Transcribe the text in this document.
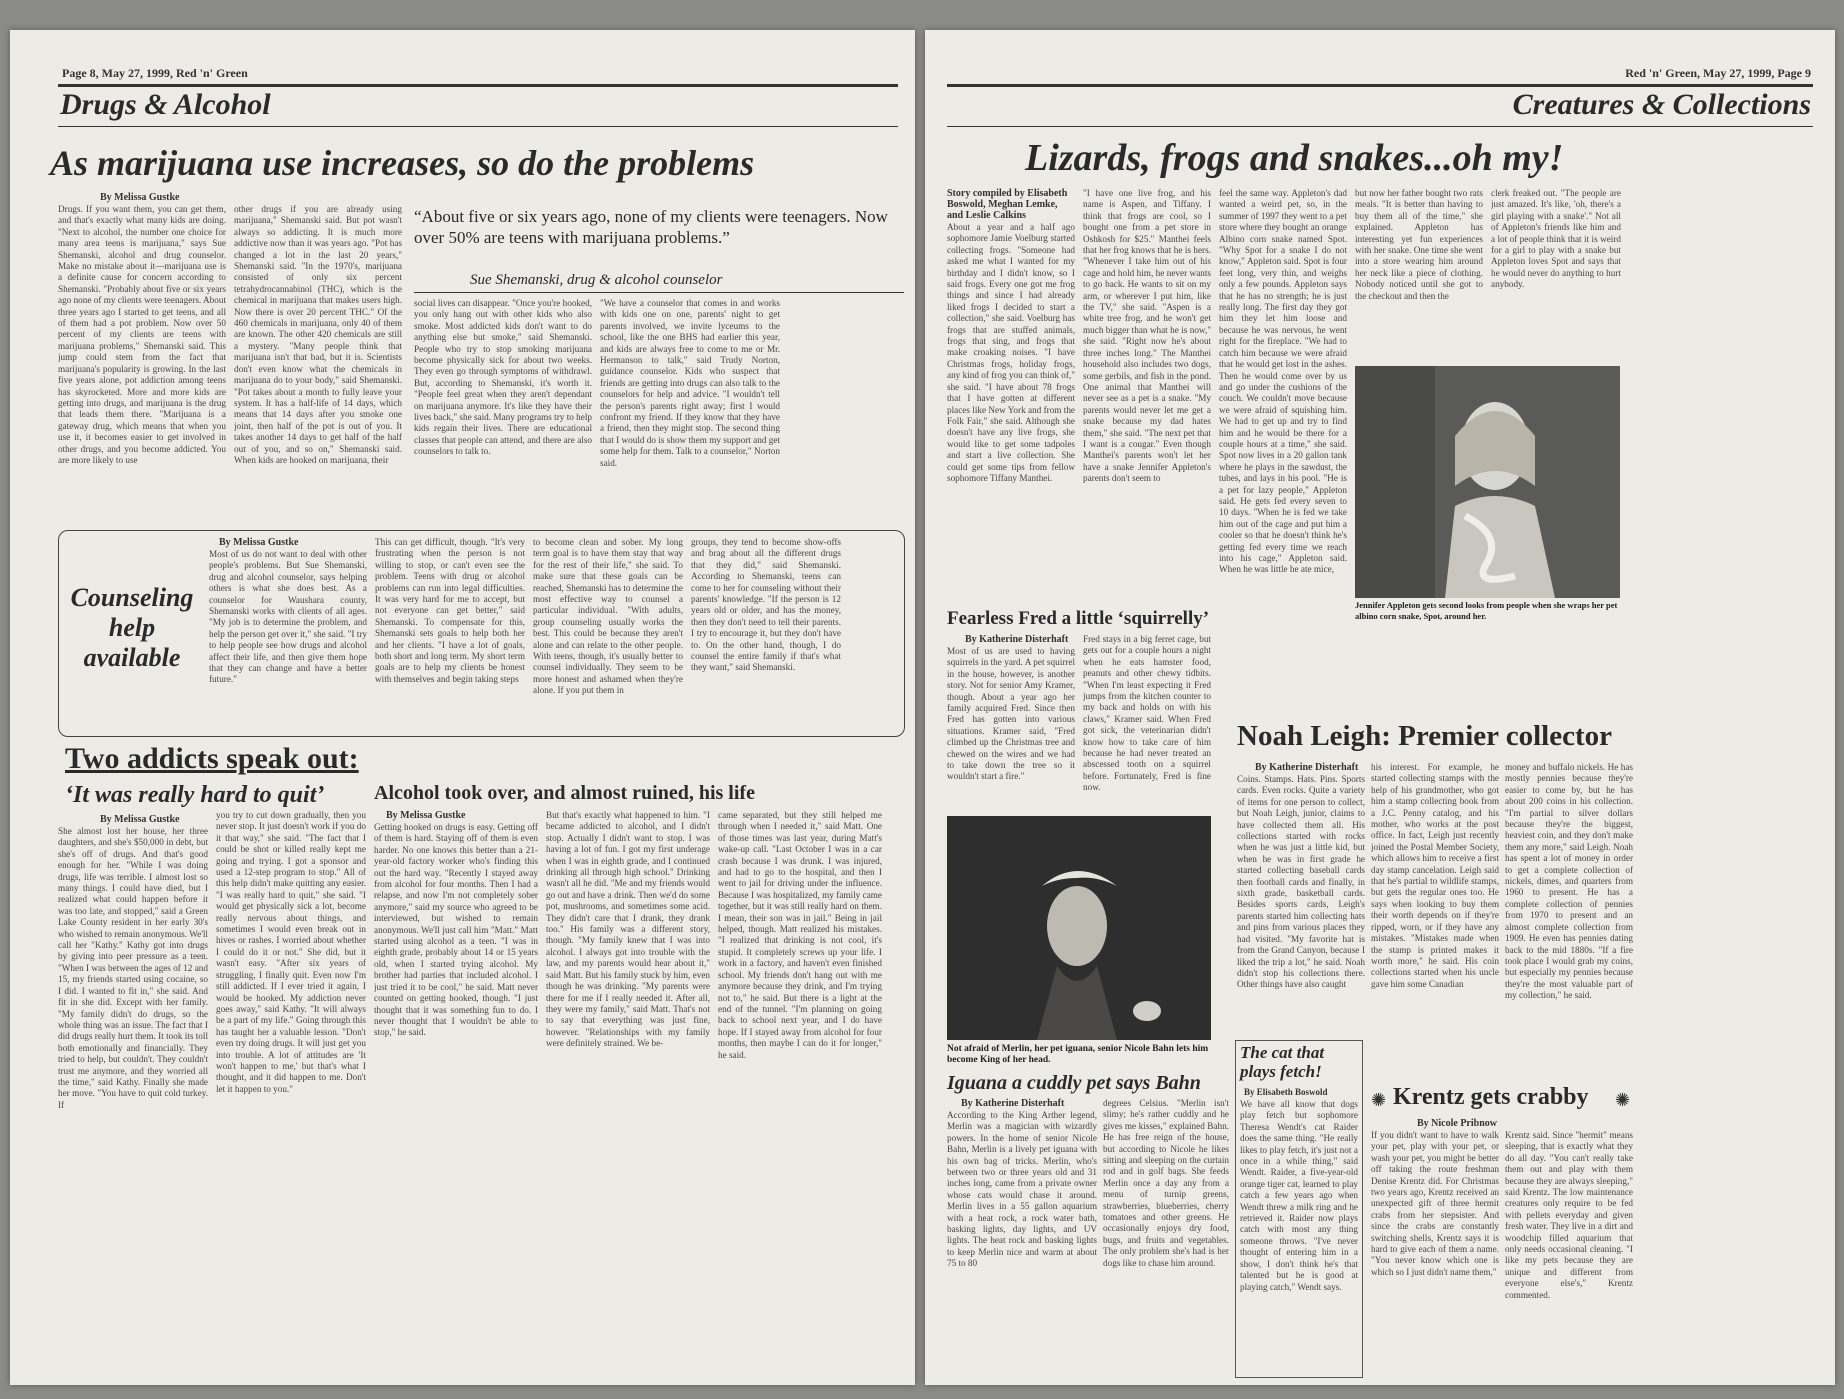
Page 8, May 27, 1999, Red 'n' Green
Drugs & Alcohol
As marijuana use increases, so do the problems
By Melissa Gustke
Drugs. If you want them, you can get them, and that's exactly what many kids are doing. "Next to alcohol, the number one choice for many area teens is marijuana," says Sue Shemanski, alcohol and drug counselor. Make no mistake about it—marijuana use is a definite cause for concern according to Shemanski. "Probably about five or six years ago none of my clients were teenagers. About three years ago I started to get teens, and all of them had a pot problem. Now over 50 percent of my clients are teens with marijuana problems," Shemanski said. This jump could stem from the fact that marijuana's popularity is growing. In the last five years alone, pot addiction among teens has skyrocketed. More and more kids are getting into drugs, and marijuana is the drug that leads them there. "Marijuana is a gateway drug, which means that when you use it, it becomes easier to get involved in other drugs, and you become addicted. You are more likely to use
other drugs if you are already using marijuana," Shemanski said. But pot wasn't always so addicting. It is much more addictive now than it was years ago. "Pot has changed a lot in the last 20 years," Shemanski said. "In the 1970's, marijuana consisted of only six percent tetrahydrocannabinol (THC), which is the chemical in marijuana that makes users high. Now there is over 20 percent THC." Of the 460 chemicals in marijuana, only 40 of them are known. The other 420 chemicals are still a mystery. "Many people think that marijuana isn't that bad, but it is. Scientists don't even know what the chemicals in marijuana do to your body," said Shemanski. "Pot takes about a month to fully leave your system. It has a half-life of 14 days, which means that 14 days after you smoke one joint, then half of the pot is out of you. It takes another 14 days to get half of the half out of you, and so on," Shemanski said. When kids are hooked on marijuana, their
“About five or six years ago, none of my clients were teenagers. Now over 50% are teens with marijuana problems.”
Sue Shemanski, drug & alcohol counselor
social lives can disappear. "Once you're hooked, you only hang out with other kids who also smoke. Most addicted kids don't want to do anything else but smoke," said Shemanski. People who try to stop smoking marijuana become physically sick for about two weeks. They even go through symptoms of withdrawl. But, according to Shemanski, it's worth it. "People feel great when they aren't dependant on marijuana anymore. It's like they have their lives back," she said. Many programs try to help kids regain their lives. There are educational classes that people can attend, and there are also counselors to talk to.
"We have a counselor that comes in and works with kids one on one, parents' night to get parents involved, we invite lyceums to the school, like the one BHS had earlier this year, and kids are always free to come to me or Mr. Hermanson to talk," said Trudy Norton, guidance counselor. Kids who suspect that friends are getting into drugs can also talk to the counselors for help and advice. "I wouldn't tell the person's parents right away; first I would confront my friend. If they know that they have a friend, then they might stop. The second thing that I would do is show them my support and get some help for them. Talk to a counselor," Norton said.
Counseling help available
By Melissa Gustke
Most of us do not want to deal with other people's problems. But Sue Shemanski, drug and alcohol counselor, says helping others is what she does best. As a counselor for Waushara county, Shemanski works with clients of all ages. "My job is to determine the problem, and help the person get over it," she said. "I try to help people see how drugs and alcohol affect their life, and then give them hope that they can change and have a better future."
This can get difficult, though. "It's very frustrating when the person is not willing to stop, or can't even see the problem. Teens with drug or alcohol problems can run into legal difficulties. It was very hard for me to accept, but not everyone can get better," said Shemanski. To compensate for this, Shemanski sets goals to help both her and her clients. "I have a lot of goals, both short and long term. My short term goals are to help my clients be honest with themselves and begin taking steps
to become clean and sober. My long term goal is to have them stay that way for the rest of their life," she said. To make sure that these goals can be reached, Shemanski has to determine the most effective way to counsel a particular individual. "With adults, group counseling usually works the best. This could be because they aren't alone and can relate to the other people. With teens, though, it's usually better to counsel individually. They seem to be more honest and ashamed when they're alone. If you put them in
groups, they tend to become show-offs and brag about all the different drugs that they did," said Shemanski. According to Shemanski, teens can come to her for counseling without their parents' knowledge. "If the person is 12 years old or older, and has the money, then they don't need to tell their parents. I try to encourage it, but they don't have to. On the other hand, though, I do counsel the entire family if that's what they want," said Shemanski.
Two addicts speak out:
‘It was really hard to quit’
By Melissa Gustke
She almost lost her house, her three daughters, and she's $50,000 in debt, but she's off of drugs. And that's good enough for her. "While I was doing drugs, life was terrible. I almost lost so many things. I could have died, but I realized what could happen before it was too late, and stopped," said a Green Lake County resident in her early 30's who wished to remain anonymous. We'll call her "Kathy." Kathy got into drugs by giving into peer pressure as a teen. "When I was between the ages of 12 and 15, my friends started using cocaine, so I did. I wanted to fit in," she said. And fit in she did. Except with her family. "My family didn't do drugs, so the whole thing was an issue. The fact that I did drugs really hurt them. It took its toll both emotionally and financially. They tried to help, but couldn't. They couldn't trust me anymore, and they worried all the time," said Kathy. Finally she made her move. "You have to quit cold turkey. If
you try to cut down gradually, then you never stop. It just doesn't work if you do it that way," she said. "The fact that I could be shot or killed really kept me going and trying. I got a sponsor and used a 12-step program to stop." All of this help didn't make quitting any easier. "I was really hard to quit," she said. "I would get physically sick a lot, become really nervous about things, and sometimes I would even break out in hives or rashes. I worried about whether I could do it or not." She did, but it wasn't easy. "After six years of struggling, I finally quit. Even now I'm still addicted. If I ever tried it again, I would be hooked. My addiction never goes away," said Kathy. "It will always be a part of my life." Going through this has taught her a valuable lesson. "Don't even try doing drugs. It will just get you into trouble. A lot of attitudes are 'It won't happen to me,' but that's what I thought, and it did happen to me. Don't let it happen to you."
Alcohol took over, and almost ruined, his life
By Melissa Gustke
Getting hooked on drugs is easy. Getting off of them is hard. Staying off of them is even harder. No one knows this better than a 21-year-old factory worker who's finding this out the hard way. "Recently I stayed away from alcohol for four months. Then I had a relapse, and now I'm not completely sober anymore," said my source who agreed to be interviewed, but wished to remain anonymous. We'll just call him "Matt." Matt started using alcohol as a teen. "I was in eighth grade, probably about 14 or 15 years old, when I started trying alcohol. My brother had parties that included alcohol. I just tried it to be cool," he said. Matt never counted on getting hooked, though. "I just thought that it was something fun to do. I never thought that I wouldn't be able to stop," he said.
But that's exactly what happened to him. "I became addicted to alcohol, and I didn't stop. Actually I didn't want to stop. I was having a lot of fun. I got my first underage when I was in eighth grade, and I continued drinking all through high school." Drinking wasn't all he did. "Me and my friends would go out and have a drink. Then we'd do some pot, mushrooms, and sometimes some acid. They didn't care that I drank, they drank too." His family was a different story, though. "My family knew that I was into alcohol. I always got into trouble with the law, and my parents would hear about it," said Matt. But his family stuck by him, even though he was drinking. "My parents were there for me if I really needed it. After all, they were my family," said Matt. That's not to say that everything was just fine, however. "Relationships with my family were definitely strained. We be-
came separated, but they still helped me through when I needed it," said Matt. One of those times was last year, during Matt's wake-up call. "Last October I was in a car crash because I was drunk. I was injured, and had to go to the hospital, and then I went to jail for driving under the influence. Because I was hospitalized, my family came together, but it was still really hard on them. I mean, their son was in jail." Being in jail helped, though. Matt realized his mistakes. "I realized that drinking is not cool, it's stupid. It completely screws up your life. I work in a factory, and haven't even finished school. My friends don't hang out with me anymore because they drink, and I'm trying not to," he said. But there is a light at the end of the tunnel. "I'm planning on going back to school next year, and I do have hope. If I stayed away from alcohol for four months, then maybe I can do it for longer," he said.
Red 'n' Green, May 27, 1999, Page 9
Creatures & Collections
Lizards, frogs and snakes...oh my!
Story compiled by Elisabeth Boswold, Meghan Lemke, and Leslie Calkins
About a year and a half ago sophomore Jamie Voelburg started collecting frogs. "Someone had asked me what I wanted for my birthday and I didn't know, so I said frogs. Every one got me frog things and since I had already liked frogs I decided to start a collection," she said. Voelburg has frogs that are stuffed animals, frogs that sing, and frogs that make croaking noises. "I have Christmas frogs, holiday frogs, any kind of frog you can think of," she said. "I have about 78 frogs that I have gotten at different places like New York and from the Folk Fair," she said. Although she doesn't have any live frogs, she would like to get some tadpoles and start a live collection. She could get some tips from fellow sophomore Tiffany Manthei.
"I have one live frog, and his name is Aspen, and Tiffany. I think that frogs are cool, so I bought one from a pet store in Oshkosh for $25." Manthei feels that her frog knows that he is hers. "Whenever I take him out of his cage and hold him, he never wants to go back. He wants to sit on my arm, or wherever I put him, like the TV," she said. "Aspen is a white tree frog, and he won't get much bigger than what he is now," she said. "Right now he's about three inches long." The Manthei household also includes two dogs, some gerbils, and fish in the pond. One animal that Manthei will never see as a pet is a snake. "My parents would never let me get a snake because my dad hates them," she said. "The next pet that I want is a cougar." Even though Manthei's parents won't let her have a snake Jennifer Appleton's parents don't seem to
feel the same way. Appleton's dad wanted a weird pet, so, in the summer of 1997 they went to a pet store where they bought an orange Albino corn snake named Spot. "Why Spot for a snake I do not know," Appleton said. Spot is four feet long, very thin, and weighs only a few pounds. Appleton says that he has no strength; he is just really long. The first day they got him they let him loose and because he was nervous, he went right for the fireplace. "We had to catch him because we were afraid that he would get lost in the ashes. Then he would come over by us and go under the cushions of the couch. We couldn't move because we were afraid of squishing him. We had to get up and try to find him and he would be there for a couple hours at a time," she said. Spot now lives in a 20 gallon tank where he plays in the sawdust, the tubes, and lays in his pool. "He is a pet for lazy people," Appleton said. He gets fed every seven to 10 days. "When he is fed we take him out of the cage and put him a cooler so that he doesn't think he's getting fed every time we reach into his cage," Appleton said. When he was little he ate mice,
but now her father bought two rats meals. "It is better than having to buy them all of the time," she explained. Appleton has interesting yet fun experiences with her snake. One time she went into a store wearing him around her neck like a piece of clothing. Nobody noticed until she got to the checkout and then the
clerk freaked out. "The people are just amazed. It's like, 'oh, there's a girl playing with a snake'." Not all of Appleton's friends like him and a lot of people think that it is weird for a girl to play with a snake but Appleton loves Spot and says that he would never do anything to hurt anybody.
Jennifer Appleton gets second looks from people when she wraps her pet albino corn snake, Spot, around her.
Fearless Fred a little ‘squirrelly’
By Katherine Disterhaft
Most of us are used to having squirrels in the yard. A pet squirrel in the house, however, is another story. Not for senior Amy Kramer, though. About a year ago her family acquired Fred. Since then Fred has gotten into various situations. Kramer said, "Fred climbed up the Christmas tree and chewed on the wires and we had to take down the tree so it wouldn't start a fire."
Fred stays in a big ferret cage, but gets out for a couple hours a night when he eats hamster food, peanuts and other chewy tidbits. "When I'm least expecting it Fred jumps from the kitchen counter to my back and holds on with his claws," Kramer said. When Fred got sick, the veterinarian didn't know how to take care of him because he had never treated an abscessed tooth on a squirrel before. Fortunately, Fred is fine now.
Not afraid of Merlin, her pet iguana, senior Nicole Bahn lets him become King of her head.
Iguana a cuddly pet says Bahn
By Katherine Disterhaft
According to the King Arther legend, Merlin was a magician with wizardly powers. In the home of senior Nicole Bahn, Merlin is a lively pet iguana with his own bag of tricks. Merlin, who's between two or three years old and 31 inches long, came from a private owner whose cats would chase it around. Merlin lives in a 55 gallon aquarium with a heat rock, a rock water bath, basking lights, day lights, and UV lights. The heat rock and basking lights to keep Merlin nice and warm at about 75 to 80
degrees Celsius. "Merlin isn't slimy; he's rather cuddly and he gives me kisses," explained Bahn. He has free reign of the house, but according to Nicole he likes sitting and sleeping on the curtain rod and in golf bags. She feeds Merlin once a day any from a menu of turnip greens, strawberries, blueberries, cherry tomatoes and other greens. He occasionally enjoys dry food, bugs, and fruits and vegetables. The only problem she's had is her dogs like to chase him around.
The cat that plays fetch!
By Elisabeth Boswold
We have all know that dogs play fetch but sophomore Theresa Wendt's cat Raider does the same thing. "He really likes to play fetch, it's just not a once in a while thing," said Wendt. Raider, a five-year-old orange tiger cat, learned to play catch a few years ago when Wendt threw a milk ring and he retrieved it. Raider now plays catch with most any thing someone throws. "I've never thought of entering him in a show, I don't think he's that talented but he is good at playing catch," Wendt says.
Noah Leigh: Premier collector
By Katherine Disterhaft
Coins. Stamps. Hats. Pins. Sports cards. Even rocks. Quite a variety of items for one person to collect, but Noah Leigh, junior, claims to have collected them all. His collections started with rocks when he was just a little kid, but when he was in first grade he started collecting baseball cards then football cards and finally, in sixth grade, basketball cards. Besides sports cards, Leigh's parents started him collecting hats and pins from various places they had visited. "My favorite hat is from the Grand Canyon, because I liked the trip a lot," he said. Noah didn't stop his collections there. Other things have also caught
his interest. For example, he started collecting stamps with the help of his grandmother, who got him a stamp collecting book from a J.C. Penny catalog, and his mother, who works at the post office. In fact, Leigh just recently joined the Postal Member Society, which allows him to receive a first day stamp cancelation. Leigh said that he's partial to wildlife stamps, but gets the regular ones too. He says when looking to buy them their worth depends on if they're ripped, worn, or if they have any mistakes. "Mistakes made when the stamp is printed makes it worth more," he said. His coin collections started when his uncle gave him some Canadian
money and buffalo nickels. He has mostly pennies because they're easier to come by, but he has about 200 coins in his collection. "I'm partial to silver dollars because they're the biggest, heaviest coin, and they don't make them any more," said Leigh. Noah has spent a lot of money in order to get a complete collection of nickels, dimes, and quarters from 1960 to present. He has a complete collection of pennies from 1970 to present and an almost complete collection from 1909. He even has pennies dating back to the mid 1880s. "If a fire took place I would grab my coins, but especially my pennies because they're the most valuable part of my collection," he said.
✺ Krentz gets crabby ✺
By Nicole Pribnow
If you didn't want to have to walk your pet, play with your pet, or wash your pet, you might be better off taking the route freshman Denise Krentz did. For Christmas two years ago, Krentz received an unexpected gift of three hermit crabs from her stepsister. And since the crabs are constantly switching shells, Krentz says it is hard to give each of them a name. "You never know which one is which so I just didn't name them,"
Krentz said. Since "hermit" means sleeping, that is exactly what they do all day. "You can't really take them out and play with them because they are always sleeping," said Krentz. The low maintenance creatures only require to be fed with pellets everyday and given fresh water. They live in a dirt and woodchip filled aquarium that only needs occasional cleaning. "I like my pets because they are unique and different from everyone else's," Krentz commented.
